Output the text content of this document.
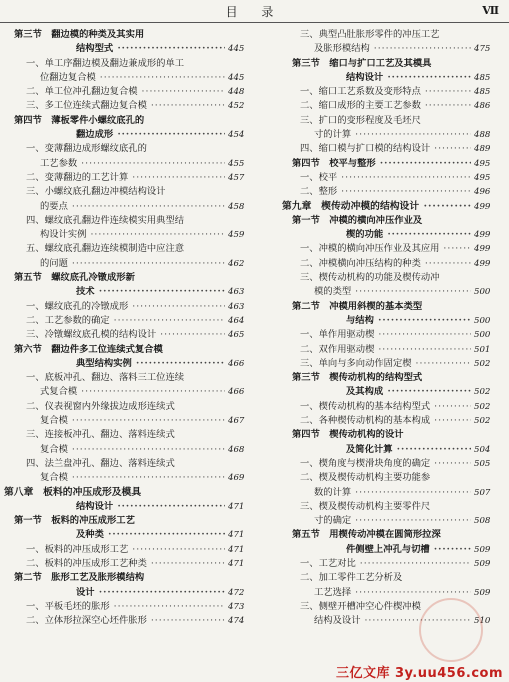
目 录	Ⅶ
第三节　翻边模的种类及其实用
结构型式 ·····	445
一、单工序翻边模及翻边兼成形的单工
位翻边复合模 ·····	445
二、单工位冲孔翻边复合模 ·····	448
三、多工位连续式翻边复合模 ·····	452
第四节　薄板零件小螺纹底孔的
翻边成形 ·····	454
一、变薄翻边成形螺纹底孔的
工艺参数 ·····	455
二、变薄翻边的工艺计算 ·····	457
三、小螺纹底孔翻边冲模结构设计
的要点 ·····	458
四、螺纹底孔翻边件连续模实用典型结
构设计实例 ·····	459
五、螺纹底孔翻边连续模制造中应注意
的问题 ·····	462
第五节　螺纹底孔冷镦成形新
技术 ·····	463
一、螺纹底孔的冷镦成形 ·····	463
二、工艺参数的确定 ·····	464
三、冷镦螺纹底孔模的结构设计 ·····	465
第六节　翻边件多工位连续式复合模
典型结构实例 ·····	466
一、底板冲孔、翻边、落料三工位连续
式复合模 ·····	466
二、仪表视窗内外缘拔边成形连续式
复合模 ·····	467
三、连接板冲孔、翻边、落料连续式
复合模 ·····	468
四、法兰盘冲孔、翻边、落料连续式
复合模 ·····	469
第八章　板料的冲压成形及模具
结构设计 ·····	471
第一节　板料的冲压成形工艺
及种类 ·····	471
一、板料的冲压成形工艺 ·····	471
二、板料的冲压成形工艺种类 ·····	471
第二节　胀形工艺及胀形模结构
设计 ·····	472
一、平板毛坯的胀形 ·····	473
二、立体形拉深空心坯件胀形 ·····	474
三、典型凸肚胀形零件的冲压工艺
及胀形模结构 ·····	475
第三节　缩口与扩口工艺及其模具
结构设计 ·····	485
一、缩口工艺系数及变形特点 ·····	485
二、缩口成形的主要工艺参数 ·····	486
三、扩口的变形程度及毛坯尺
寸的计算 ·····	488
四、缩口模与扩口模的结构设计 ·····	489
第四节　校平与整形 ·····	495
一、校平 ·····	495
二、整形 ·····	496
第九章　楔传动冲模的结构设计 ·····	499
第一节　冲模的横向冲压作业及
楔的功能 ·····	499
一、冲模的横向冲压作业及其应用 ·····	499
二、冲模横向冲压结构的种类 ·····	499
三、楔传动机构的功能及楔传动冲
模的类型 ·····	500
第二节　冲模用斜楔的基本类型
与结构 ·····	500
一、单作用驱动楔 ·····	500
二、双作用驱动楔 ·····	501
三、单向与多向动作固定楔 ·····	502
第三节　楔传动机构的结构型式
及其构成 ·····	502
一、楔传动机构的基本结构型式 ·····	502
二、各种楔传动机构的基本构成 ·····	502
第四节　楔传动机构的设计
及简化计算 ·····	504
一、楔角度与楔滑块角度的确定 ·····	505
二、楔及楔传动机构主要功能参
数的计算 ·····	507
三、楔及楔传动机构主要零件尺
寸的确定 ·····	508
第五节　用楔传动冲模在圆筒形拉深
件侧壁上冲孔与切槽 ·····	509
一、工艺对比 ·····	509
二、加工零件工艺分析及
工艺选择 ·····	509
三、侧壁开槽冲空心件楔冲模
结构及设计 ·····	510
三亿文库 3y.uu456.com
